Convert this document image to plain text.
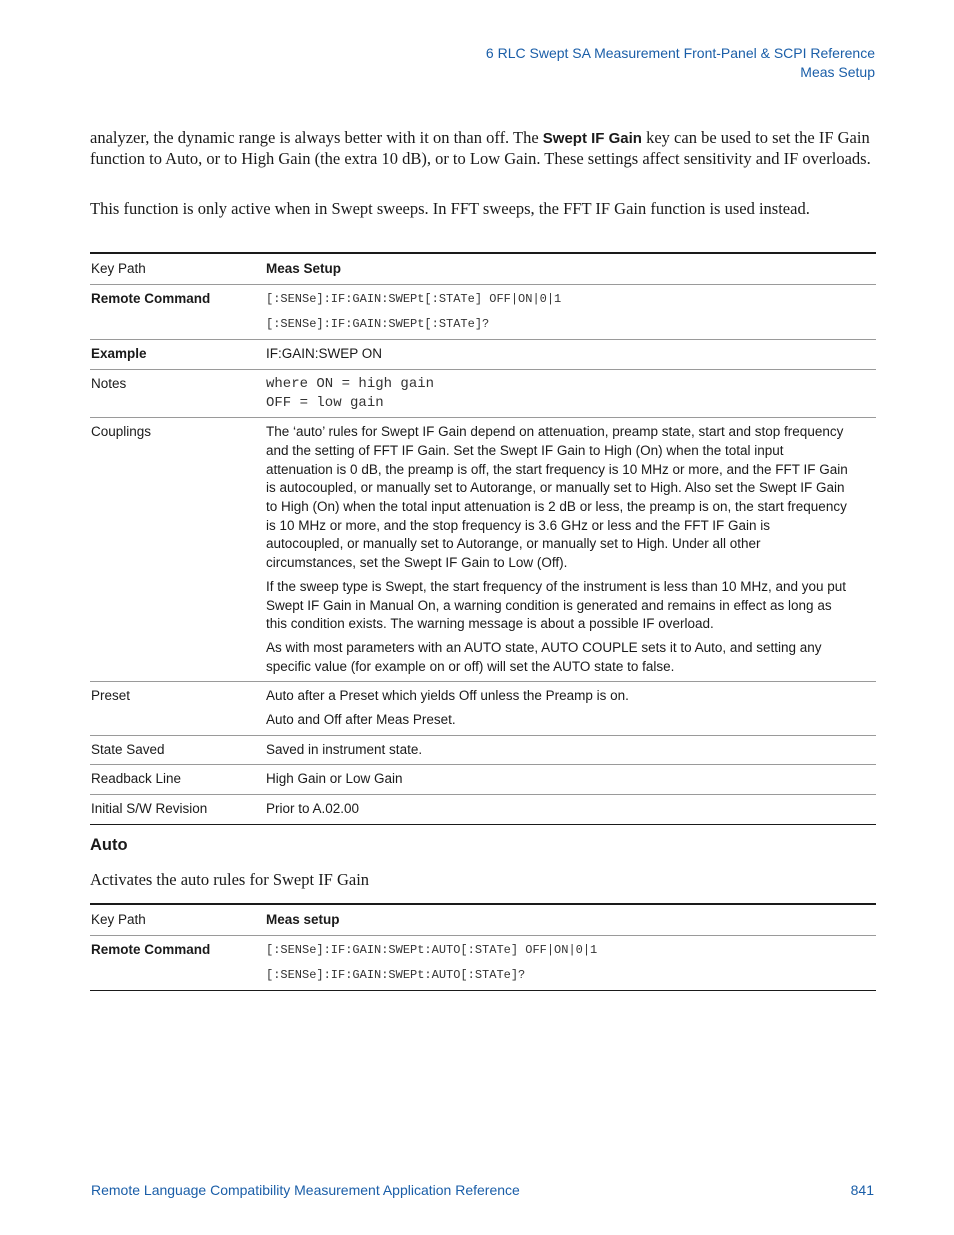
6 RLC Swept SA Measurement Front-Panel & SCPI Reference
Meas Setup
analyzer, the dynamic range is always better with it on than off. The Swept IF Gain key can be used to set the IF Gain function to Auto, or to High Gain (the extra 10 dB), or to Low Gain. These settings affect sensitivity and IF overloads.
This function is only active when in Swept sweeps. In FFT sweeps, the FFT IF Gain function is used instead.
Key Path	Meas Setup
Remote Command	[:SENSe]:IF:GAIN:SWEPt[:STATe] OFF|ON|0|1
[:SENSe]:IF:GAIN:SWEPt[:STATe]?

Example	IF:GAIN:SWEP ON
Notes	where ON = high gain
OFF = low gain

Couplings	The ‘auto’ rules for Swept IF Gain depend on attenuation, preamp state, start and stop frequency and the setting of FFT IF Gain. Set the Swept IF Gain to High (On) when the total input attenuation is 0 dB, the preamp is off, the start frequency is 10 MHz or more, and the FFT IF Gain is autocoupled, or manually set to Autorange, or manually set to High. Also set the Swept IF Gain to High (On) when the total input attenuation is 2 dB or less, the preamp is on, the start frequency is 10 MHz or more, and the stop frequency is 3.6 GHz or less and the FFT IF Gain is autocoupled, or manually set to Autorange, or manually set to High. Under all other circumstances, set the Swept IF Gain to Low (Off).

If the sweep type is Swept, the start frequency of the instrument is less than 10 MHz, and you put Swept IF Gain in Manual On, a warning condition is generated and remains in effect as long as this condition exists. The warning message is about a possible IF overload.

As with most parameters with an AUTO state, AUTO COUPLE sets it to Auto, and setting any specific value (for example on or off) will set the AUTO state to false.

Preset	Auto after a Preset which yields Off unless the Preamp is on.

Auto and Off after Meas Preset.

State Saved	Saved in instrument state.
Readback Line	High Gain or Low Gain
Initial S/W Revision	Prior to A.02.00
Auto
Activates the auto rules for Swept IF Gain
Key Path	Meas setup
Remote Command	[:SENSe]:IF:GAIN:SWEPt:AUTO[:STATe] OFF|ON|0|1
[:SENSe]:IF:GAIN:SWEPt:AUTO[:STATe]?
Remote Language Compatibility Measurement Application Reference	841
